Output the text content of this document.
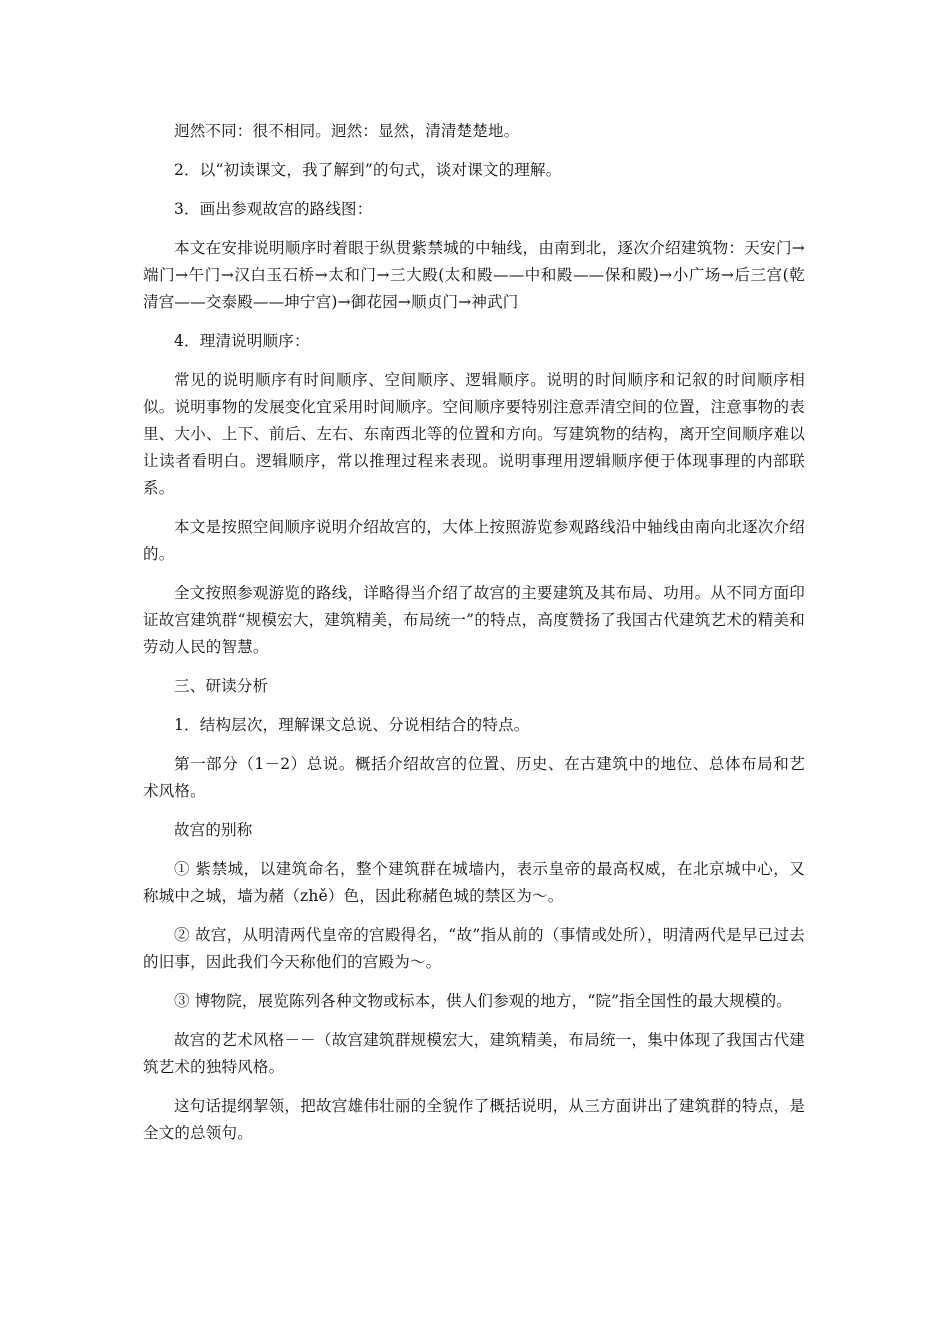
迥然不同：很不相同。迥然：显然，清清楚楚地。

2．以“初读课文，我了解到”的句式，谈对课文的理解。

3．画出参观故宫的路线图：

本文在安排说明顺序时着眼于纵贯紫禁城的中轴线，由南到北，逐次介绍建筑物：天安门→端门→午门→汉白玉石桥→太和门→三大殿(太和殿——中和殿——保和殿)→小广场→后三宫(乾清宫——交泰殿——坤宁宫)→御花园→顺贞门→神武门

4．理清说明顺序：

常见的说明顺序有时间顺序、空间顺序、逻辑顺序。说明的时间顺序和记叙的时间顺序相似。说明事物的发展变化宜采用时间顺序。空间顺序要特别注意弄清空间的位置，注意事物的表里、大小、上下、前后、左右、东南西北等的位置和方向。写建筑物的结构，离开空间顺序难以让读者看明白。逻辑顺序，常以推理过程来表现。说明事理用逻辑顺序便于体现事理的内部联系。

本文是按照空间顺序说明介绍故宫的，大体上按照游览参观路线沿中轴线由南向北逐次介绍的。

全文按照参观游览的路线，详略得当介绍了故宫的主要建筑及其布局、功用。从不同方面印证故宫建筑群“规模宏大，建筑精美，布局统一”的特点，高度赞扬了我国古代建筑艺术的精美和劳动人民的智慧。

三、研读分析

1．结构层次，理解课文总说、分说相结合的特点。

第一部分（1－2）总说。概括介绍故宫的位置、历史、在古建筑中的地位、总体布局和艺术风格。

故宫的别称

① 紫禁城，以建筑命名，整个建筑群在城墙内，表示皇帝的最高权威，在北京城中心，又称城中之城，墙为赭（zhě）色，因此称赭色城的禁区为～。

② 故宫，从明清两代皇帝的宫殿得名，“故”指从前的（事情或处所），明清两代是早已过去的旧事，因此我们今天称他们的宫殿为～。

③ 博物院，展览陈列各种文物或标本，供人们参观的地方，“院”指全国性的最大规模的。

故宫的艺术风格－－（故宫建筑群规模宏大，建筑精美，布局统一，集中体现了我国古代建筑艺术的独特风格。

这句话提纲挈领，把故宫雄伟壮丽的全貌作了概括说明，从三方面讲出了建筑群的特点，是全文的总领句。
